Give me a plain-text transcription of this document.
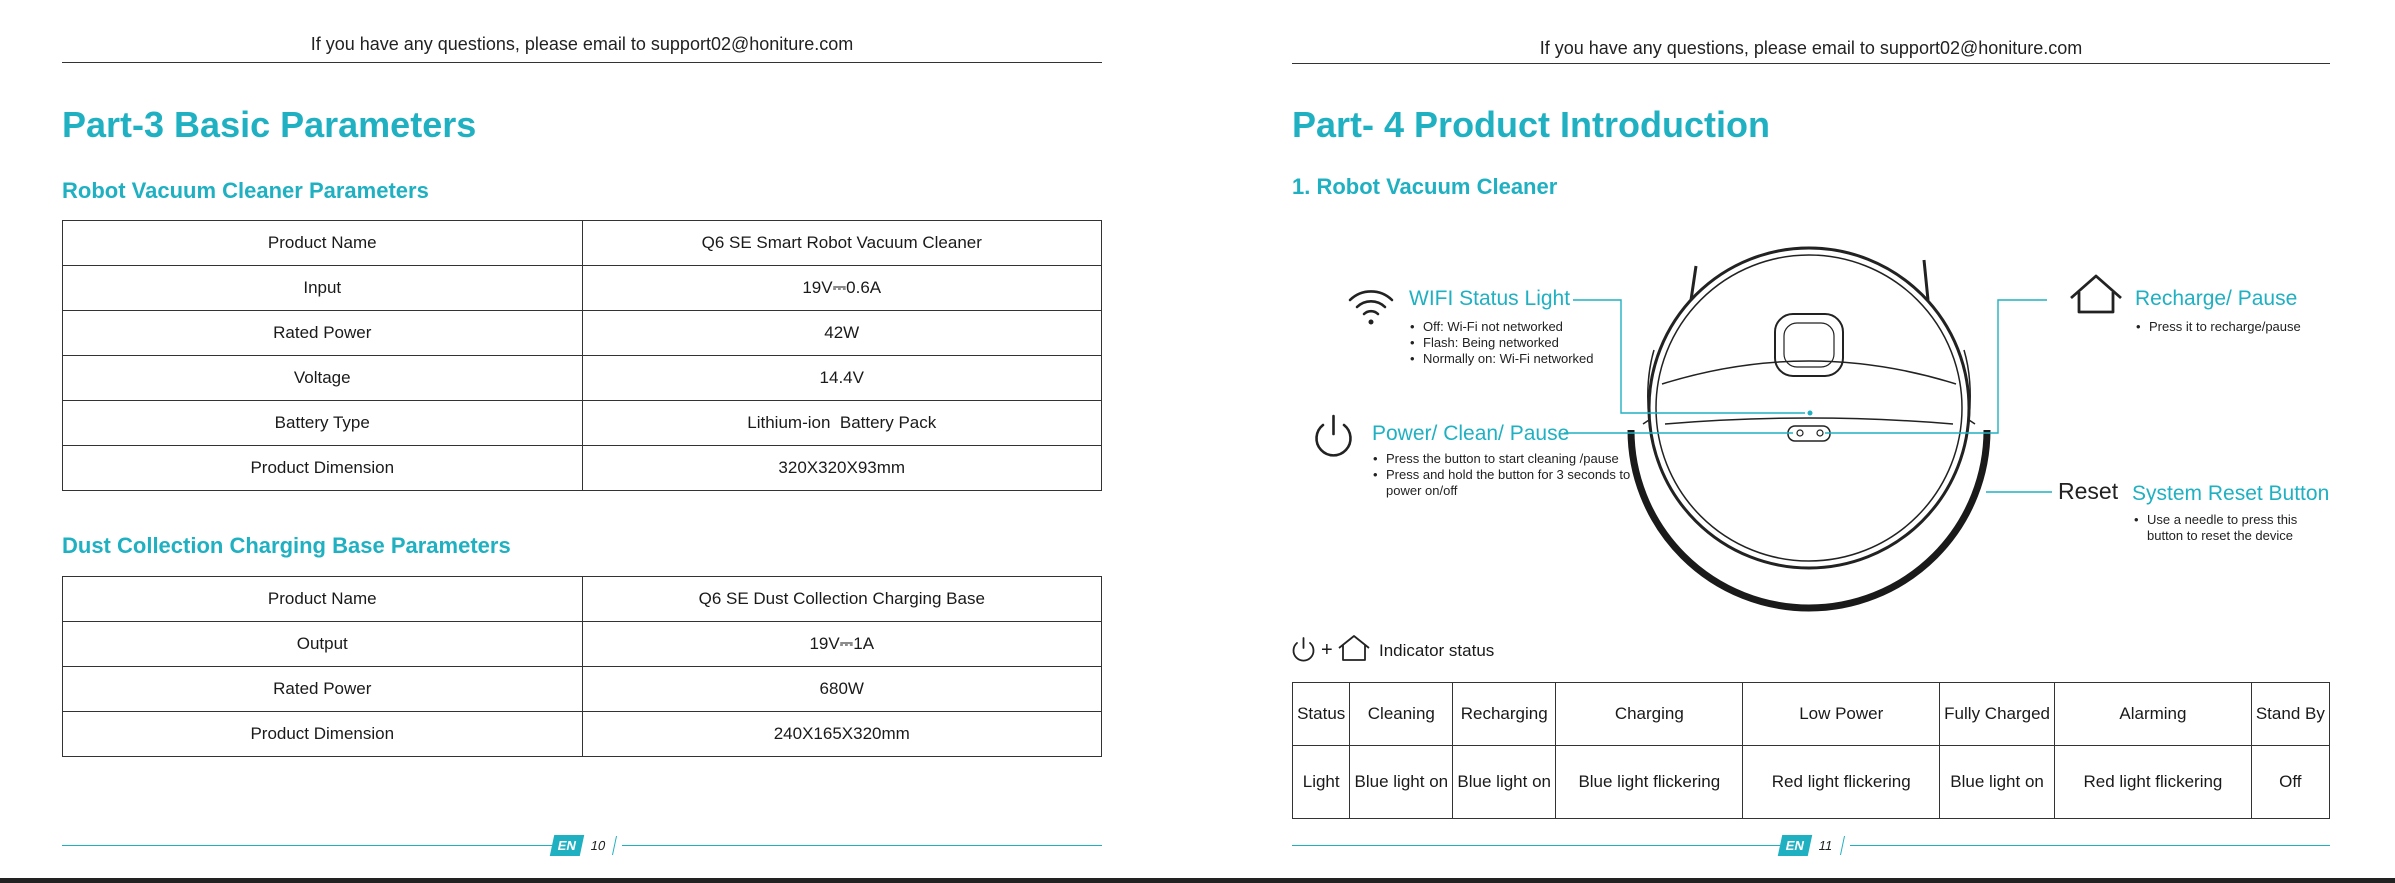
If you have any questions, please email to support02@honiture.com
Part-3 Basic Parameters
Robot Vacuum Cleaner Parameters
Product Name	Q6 SE Smart Robot Vacuum Cleaner
Input	19V⎓0.6A
Rated Power	42W
Voltage	14.4V
Battery Type	Lithium-ion  Battery Pack
Product Dimension	320X320X93mm
Dust Collection Charging Base Parameters
Product Name	Q6 SE Dust Collection Charging Base
Output	19V⎓1A
Rated Power	680W
Product Dimension	240X165X320mm
EN 10
If you have any questions, please email to support02@honiture.com
Part- 4 Product Introduction
1. Robot Vacuum Cleaner
WIFI Status Light
• Off: Wi-Fi not networked
• Flash: Being networked
• Normally on: Wi-Fi networked
Power/ Clean/ Pause
• Press the button to start cleaning /pause
• Press and hold the button for 3 seconds to power on/off
Recharge/ Pause
• Press it to recharge/pause
Reset System Reset Button
• Use a needle to press this button to reset the device
+	Indicator status
Status	Cleaning	Recharging	Charging	Low Power	Fully Charged	Alarming	Stand By
Light	Blue light on	Blue light on	Blue light flickering	Red light flickering	Blue light on	Red light flickering	Off
EN 11
